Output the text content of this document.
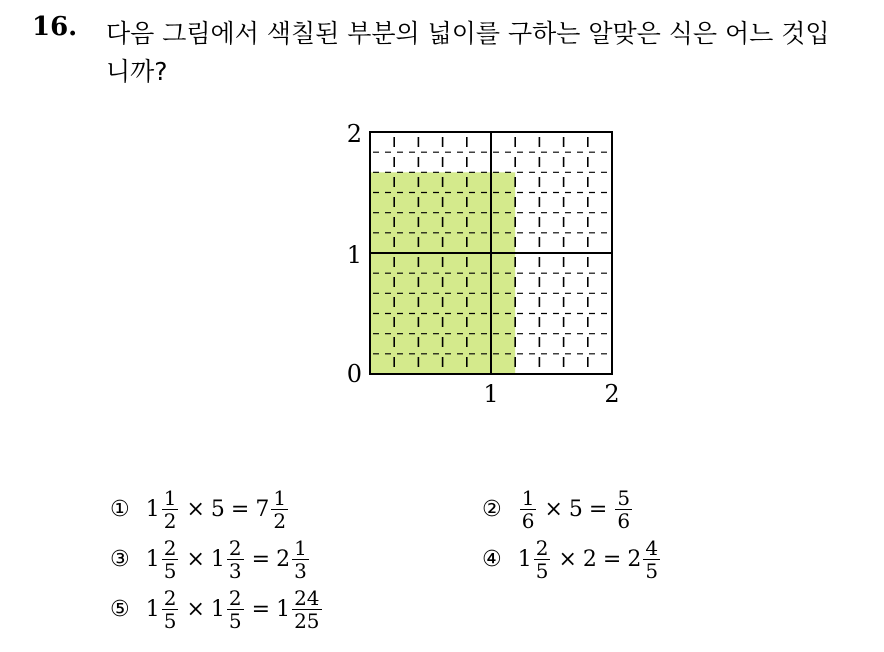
16. 다음 그림에서 색칠된 부분의 넓이를 구하는 알맞은 식은 어느 것입
니까?
2
1
0
1	2
① $1 \frac{1}{2} \times 5 = 7 \frac{1}{2}$	② $\frac{1}{6} \times 5 = \frac{5}{6}$
③ $1 \frac{2}{5} \times 1 \frac{2}{3} = 2 \frac{1}{3}$	④ $1 \frac{2}{5} \times 2 = 2 \frac{4}{5}$
⑤ $1 \frac{2}{5} \times 1 \frac{2}{5} = 1 \frac{24}{25}$
